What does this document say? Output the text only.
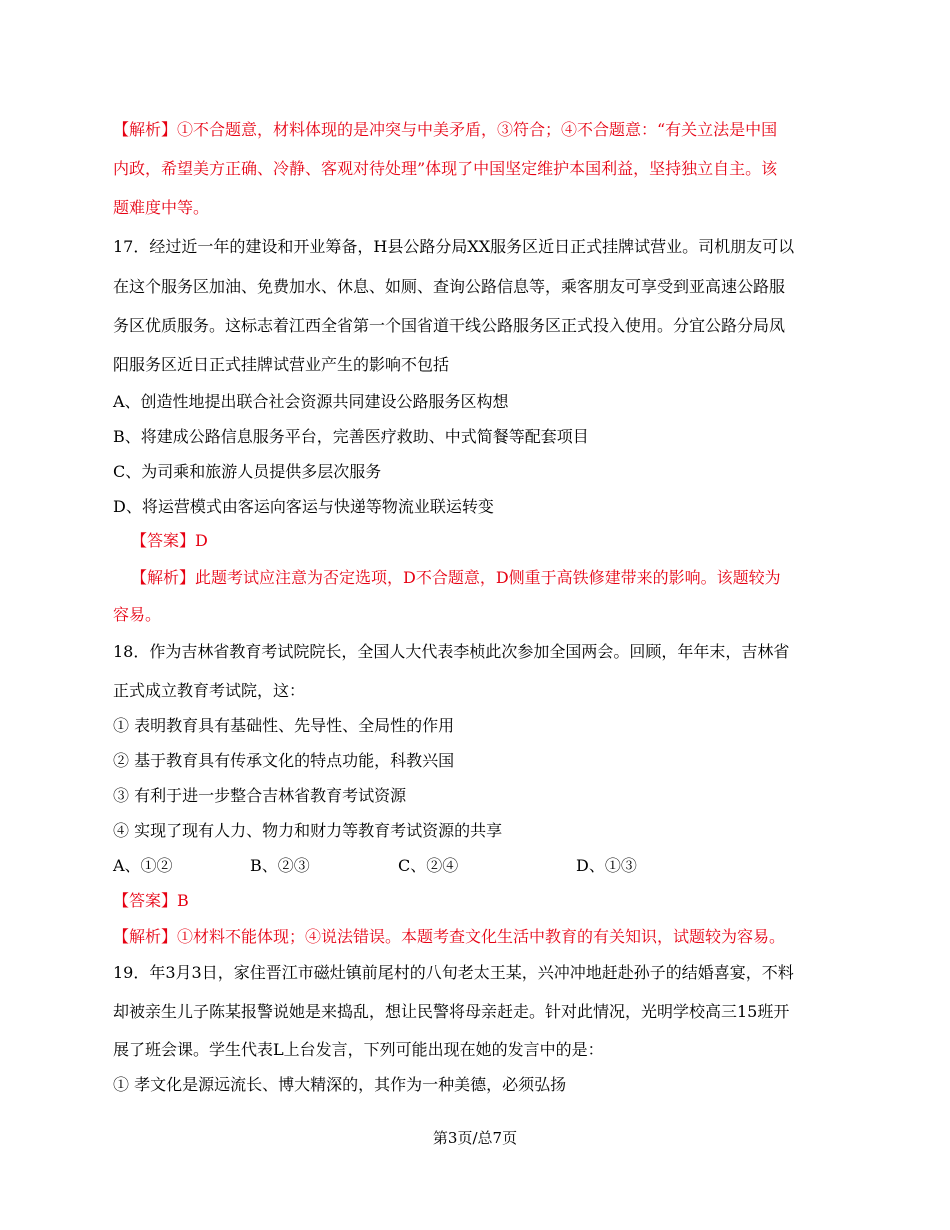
【解析】①不合题意，材料体现的是冲突与中美矛盾，③符合；④不合题意：“有关立法是中国
内政，希望美方正确、冷静、客观对待处理”体现了中国坚定维护本国利益，坚持独立自主。该
题难度中等。
17．经过近一年的建设和开业筹备，H县公路分局XX服务区近日正式挂牌试营业。司机朋友可以
在这个服务区加油、免费加水、休息、如厕、查询公路信息等，乘客朋友可享受到亚高速公路服
务区优质服务。这标志着江西全省第一个国省道干线公路服务区正式投入使用。分宜公路分局凤
阳服务区近日正式挂牌试营业产生的影响不包括
A、创造性地提出联合社会资源共同建设公路服务区构想
B、将建成公路信息服务平台，完善医疗救助、中式简餐等配套项目
C、为司乘和旅游人员提供多层次服务
D、将运营模式由客运向客运与快递等物流业联运转变
【答案】D
【解析】此题考试应注意为否定选项，D不合题意，D侧重于高铁修建带来的影响。该题较为
容易。
18．作为吉林省教育考试院院长，全国人大代表李桢此次参加全国两会。回顾，年年末，吉林省
正式成立教育考试院，这：
① 表明教育具有基础性、先导性、全局性的作用
② 基于教育具有传承文化的特点功能，科教兴国
③ 有利于进一步整合吉林省教育考试资源
④ 实现了现有人力、物力和财力等教育考试资源的共享
A、①②	B、②③	C、②④	D、①③
【答案】B
【解析】①材料不能体现；④说法错误。本题考查文化生活中教育的有关知识，试题较为容易。
19．年3月3日，家住晋江市磁灶镇前尾村的八旬老太王某，兴冲冲地赶赴孙子的结婚喜宴，不料
却被亲生儿子陈某报警说她是来捣乱，想让民警将母亲赶走。针对此情况，光明学校高三15班开
展了班会课。学生代表L上台发言，下列可能出现在她的发言中的是：
① 孝文化是源远流长、博大精深的，其作为一种美德，必须弘扬
第3页/总7页
